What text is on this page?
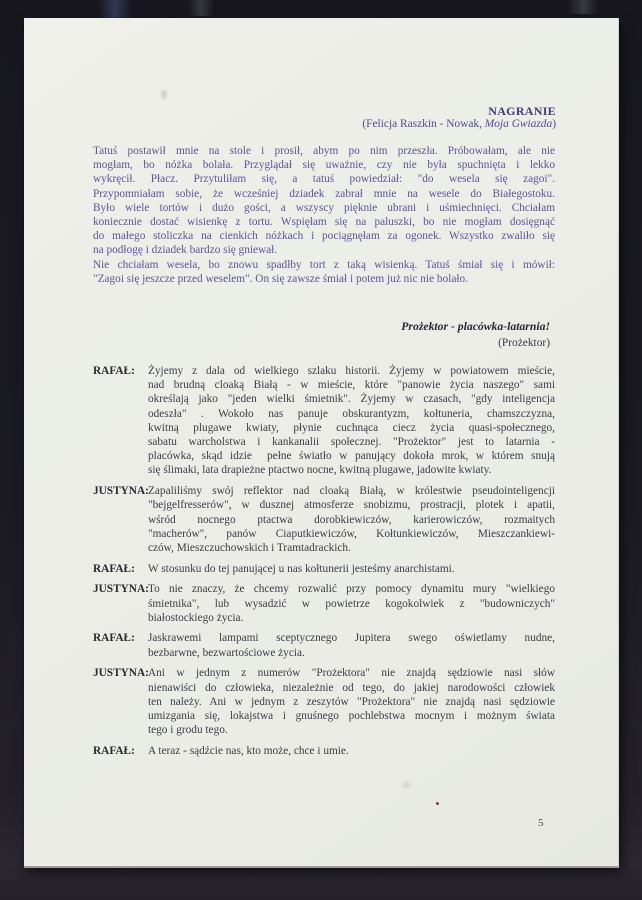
NAGRANIE
(Felicja Raszkin - Nowak, Moja Gwiazda)
Tatuś postawił mnie na stole i prosił, abym po nim przeszła. Próbowałam, ale nie
mogłam, bo nóżka bolała. Przyglądał się uważnie, czy nie była spuchnięta i lekko
wykręcił. Płacz. Przytuliłam się, a tatuś powiedział: "do wesela się zagoi".
Przypomniałam sobie, że wcześniej dziadek zabrał mnie na wesele do Białegostoku.
Było wiele tortów i dużo gości, a wszyscy pięknie ubrani i uśmiechnięci. Chciałam
koniecznie dostać wisienkę z tortu. Wspięłam się na paluszki, bo nie mogłam dosięgnąć
do małego stoliczka na cienkich nóżkach i pociągnęłam za ogonek. Wszystko zwaliło się
na podłogę i dziadek bardzo się gniewał.
Nie chciałam wesela, bo znowu spadłby tort z taką wisienką. Tatuś śmiał się i mówił:
"Zagoi się jeszcze przed weselem". On się zawsze śmiał i potem już nic nie bolało.
Prożektor - placówka-latarnia!
(Prożektor)
RAFAŁ:	Żyjemy z dala od wielkiego szlaku historii. Żyjemy w powiatowem mieście,
nad brudną cloaką Białą - w mieście, które "panowie życia naszego" sami
określają jako "jeden wielki śmietnik". Żyjemy w czasach, "gdy inteligencja
odeszła" . Wokoło nas panuje obskurantyzm, kołtuneria, chamszczyzna,
kwitną plugawe kwiaty, płynie cuchnąca ciecz życia quasi-społecznego,
sabatu warcholstwa i kankanalii społecznej. "Prożektor" jest to latarnia -
placówka, skąd idzie  pełne światło w panujący dokoła mrok, w którem snują
się ślimaki, lata drapieżne ptactwo nocne, kwitną plugawe, jadowite kwiaty.
JUSTYNA: Zapaliliśmy swój reflektor nad cloaką Białą, w królestwie pseudointeligencji
"bejgelfresserów", w dusznej atmosferze snobizmu, prostracji, plotek i apatii,
wśród nocnego ptactwa dorobkiewiczów, karierowiczów, rozmaitych
"macherów", panów Ciaputkiewiczów, Kołtunkiewiczów, Mieszczankiewi-
czów, Mieszczuchowskich i Tramtadrackich.
RAFAŁ:	W stosunku do tej panującej u nas kołtunerii jesteśmy anarchistami.
JUSTYNA: To nie znaczy, że chcemy rozwalić przy pomocy dynamitu mury "wielkiego
śmietnika", lub wysadzić w powietrze kogokolwiek z "budowniczych"
białostockiego życia.
RAFAŁ:	Jaskrawemi lampami sceptycznego Jupitera swego oświetlamy nudne,
bezbarwne, bezwartościowe życia.
JUSTYNA: Ani w jednym z numerów "Prożektora" nie znajdą sędziowie nasi słów
nienawiści do człowieka, niezależnie od tego, do jakiej narodowości człowiek
ten należy. Ani w jednym z zeszytów "Prożektora" nie znajdą nasi sędziowie
umizgania się, lokajstwa i gnuśnego pochlebstwa mocnym i możnym świata
tego i grodu tego.
RAFAŁ:	A teraz - sądźcie nas, kto może, chce i umie.
5
